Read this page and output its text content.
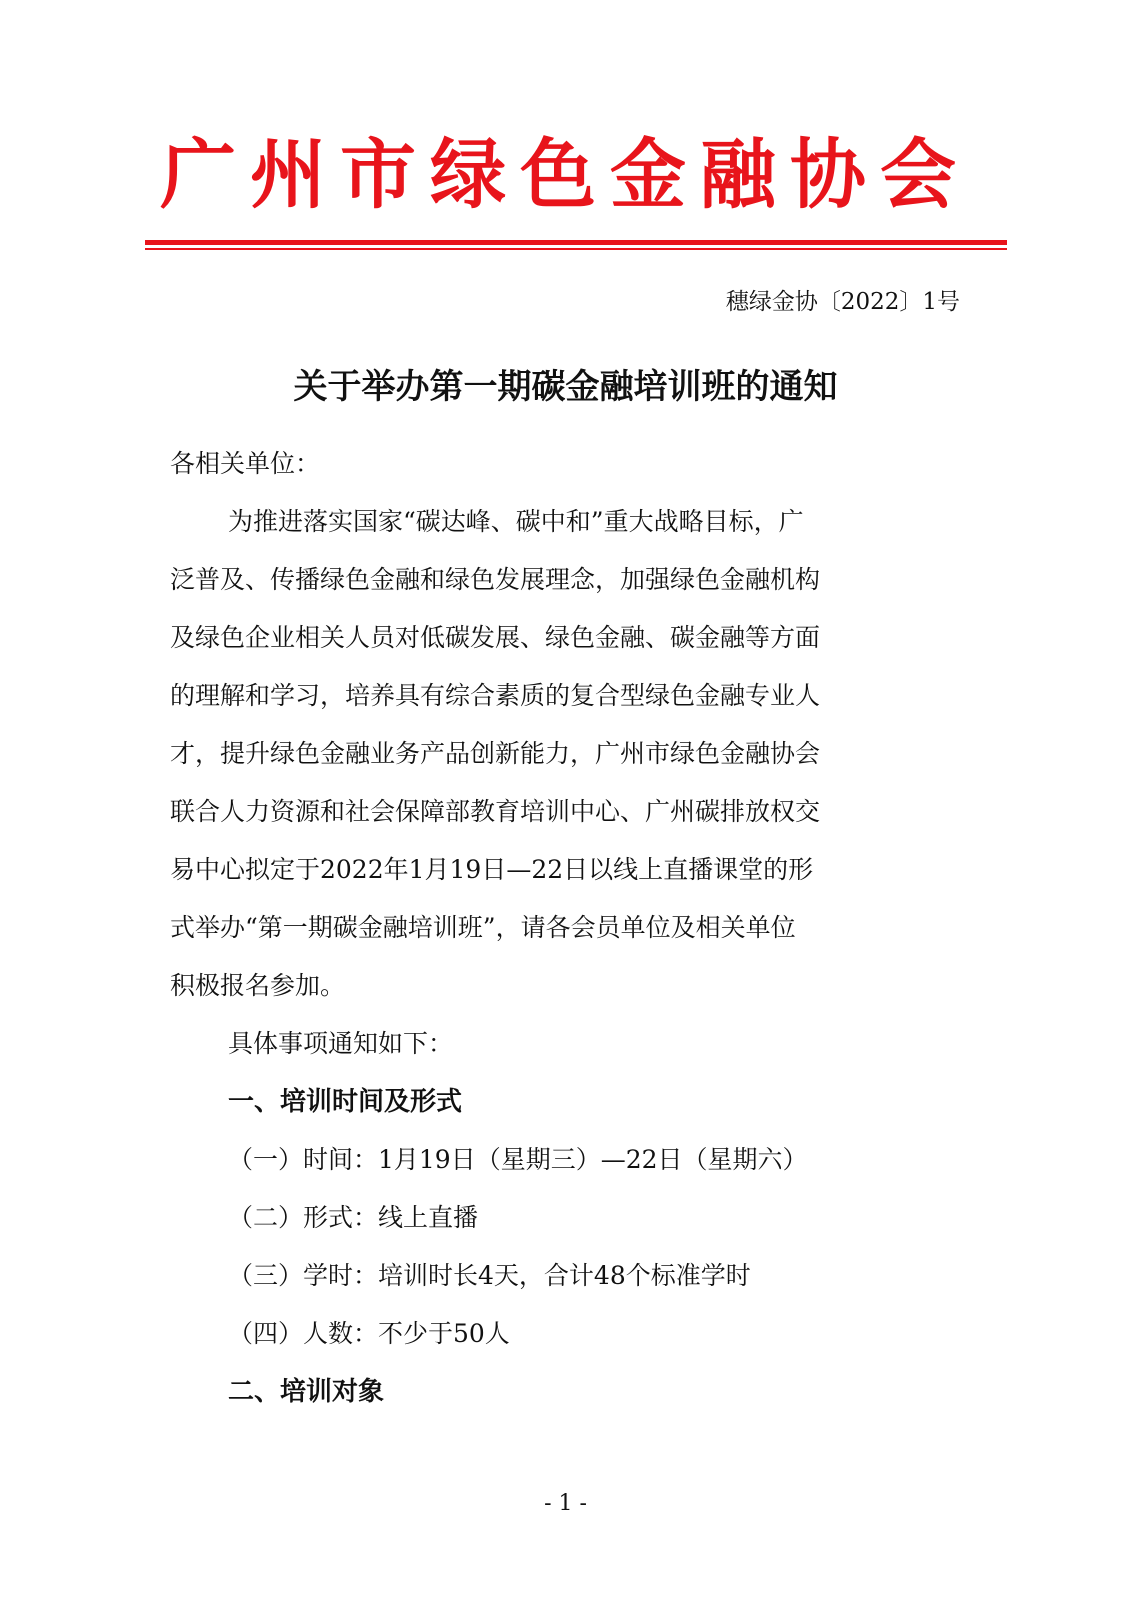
广州市绿色金融协会
穗绿金协〔2022〕1号
关于举办第一期碳金融培训班的通知
各相关单位：
为推进落实国家“碳达峰、碳中和”重大战略目标，广
泛普及、传播绿色金融和绿色发展理念，加强绿色金融机构
及绿色企业相关人员对低碳发展、绿色金融、碳金融等方面
的理解和学习，培养具有综合素质的复合型绿色金融专业人
才，提升绿色金融业务产品创新能力，广州市绿色金融协会
联合人力资源和社会保障部教育培训中心、广州碳排放权交
易中心拟定于2022年1月19日—22日以线上直播课堂的形
式举办“第一期碳金融培训班”，请各会员单位及相关单位
积极报名参加。
具体事项通知如下：
一、培训时间及形式
（一）时间：1月19日（星期三）—22日（星期六）
（二）形式：线上直播
（三）学时：培训时长4天，合计48个标准学时
（四）人数：不少于50人
二、培训对象
- 1 -
